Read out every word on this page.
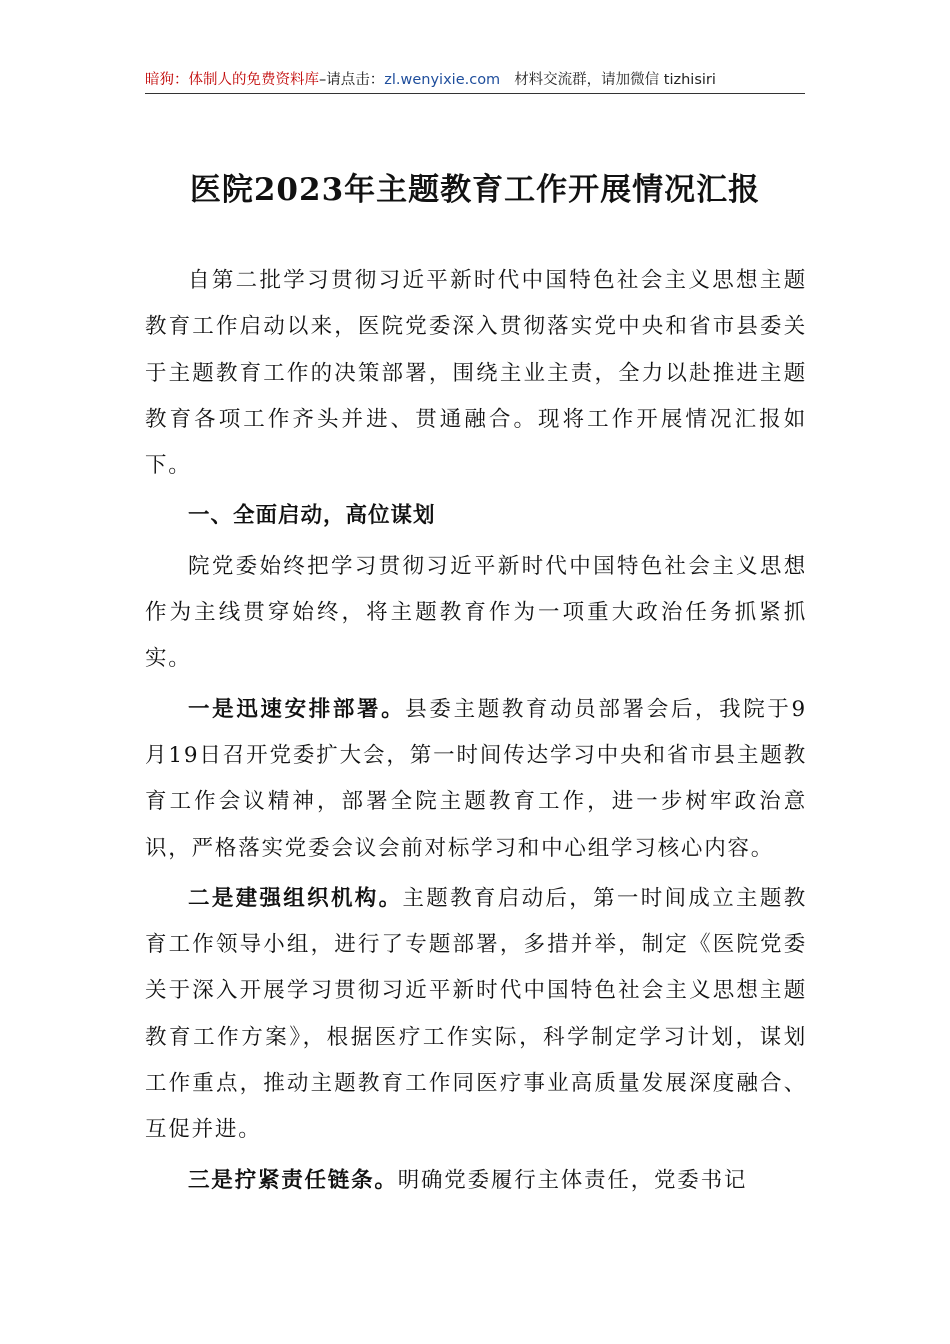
暗狗：体制人的免费资料库–请点击：zl.wenyixie.com 材料交流群，请加微信 tizhisiri
医院2023年主题教育工作开展情况汇报

自第二批学习贯彻习近平新时代中国特色社会主义思想主题教育工作启动以来，医院党委深入贯彻落实党中央和省市县委关于主题教育工作的决策部署，围绕主业主责，全力以赴推进主题教育各项工作齐头并进、贯通融合。现将工作开展情况汇报如下。

一、全面启动，高位谋划

院党委始终把学习贯彻习近平新时代中国特色社会主义思想作为主线贯穿始终，将主题教育作为一项重大政治任务抓紧抓实。

一是迅速安排部署。县委主题教育动员部署会后，我院于9月19日召开党委扩大会，第一时间传达学习中央和省市县主题教育工作会议精神，部署全院主题教育工作，进一步树牢政治意识，严格落实党委会议会前对标学习和中心组学习核心内容。

二是建强组织机构。主题教育启动后，第一时间成立主题教育工作领导小组，进行了专题部署，多措并举，制定《医院党委关于深入开展学习贯彻习近平新时代中国特色社会主义思想主题教育工作方案》，根据医疗工作实际，科学制定学习计划，谋划工作重点，推动主题教育工作同医疗事业高质量发展深度融合、互促并进。

三是拧紧责任链条。明确党委履行主体责任，党委书记
